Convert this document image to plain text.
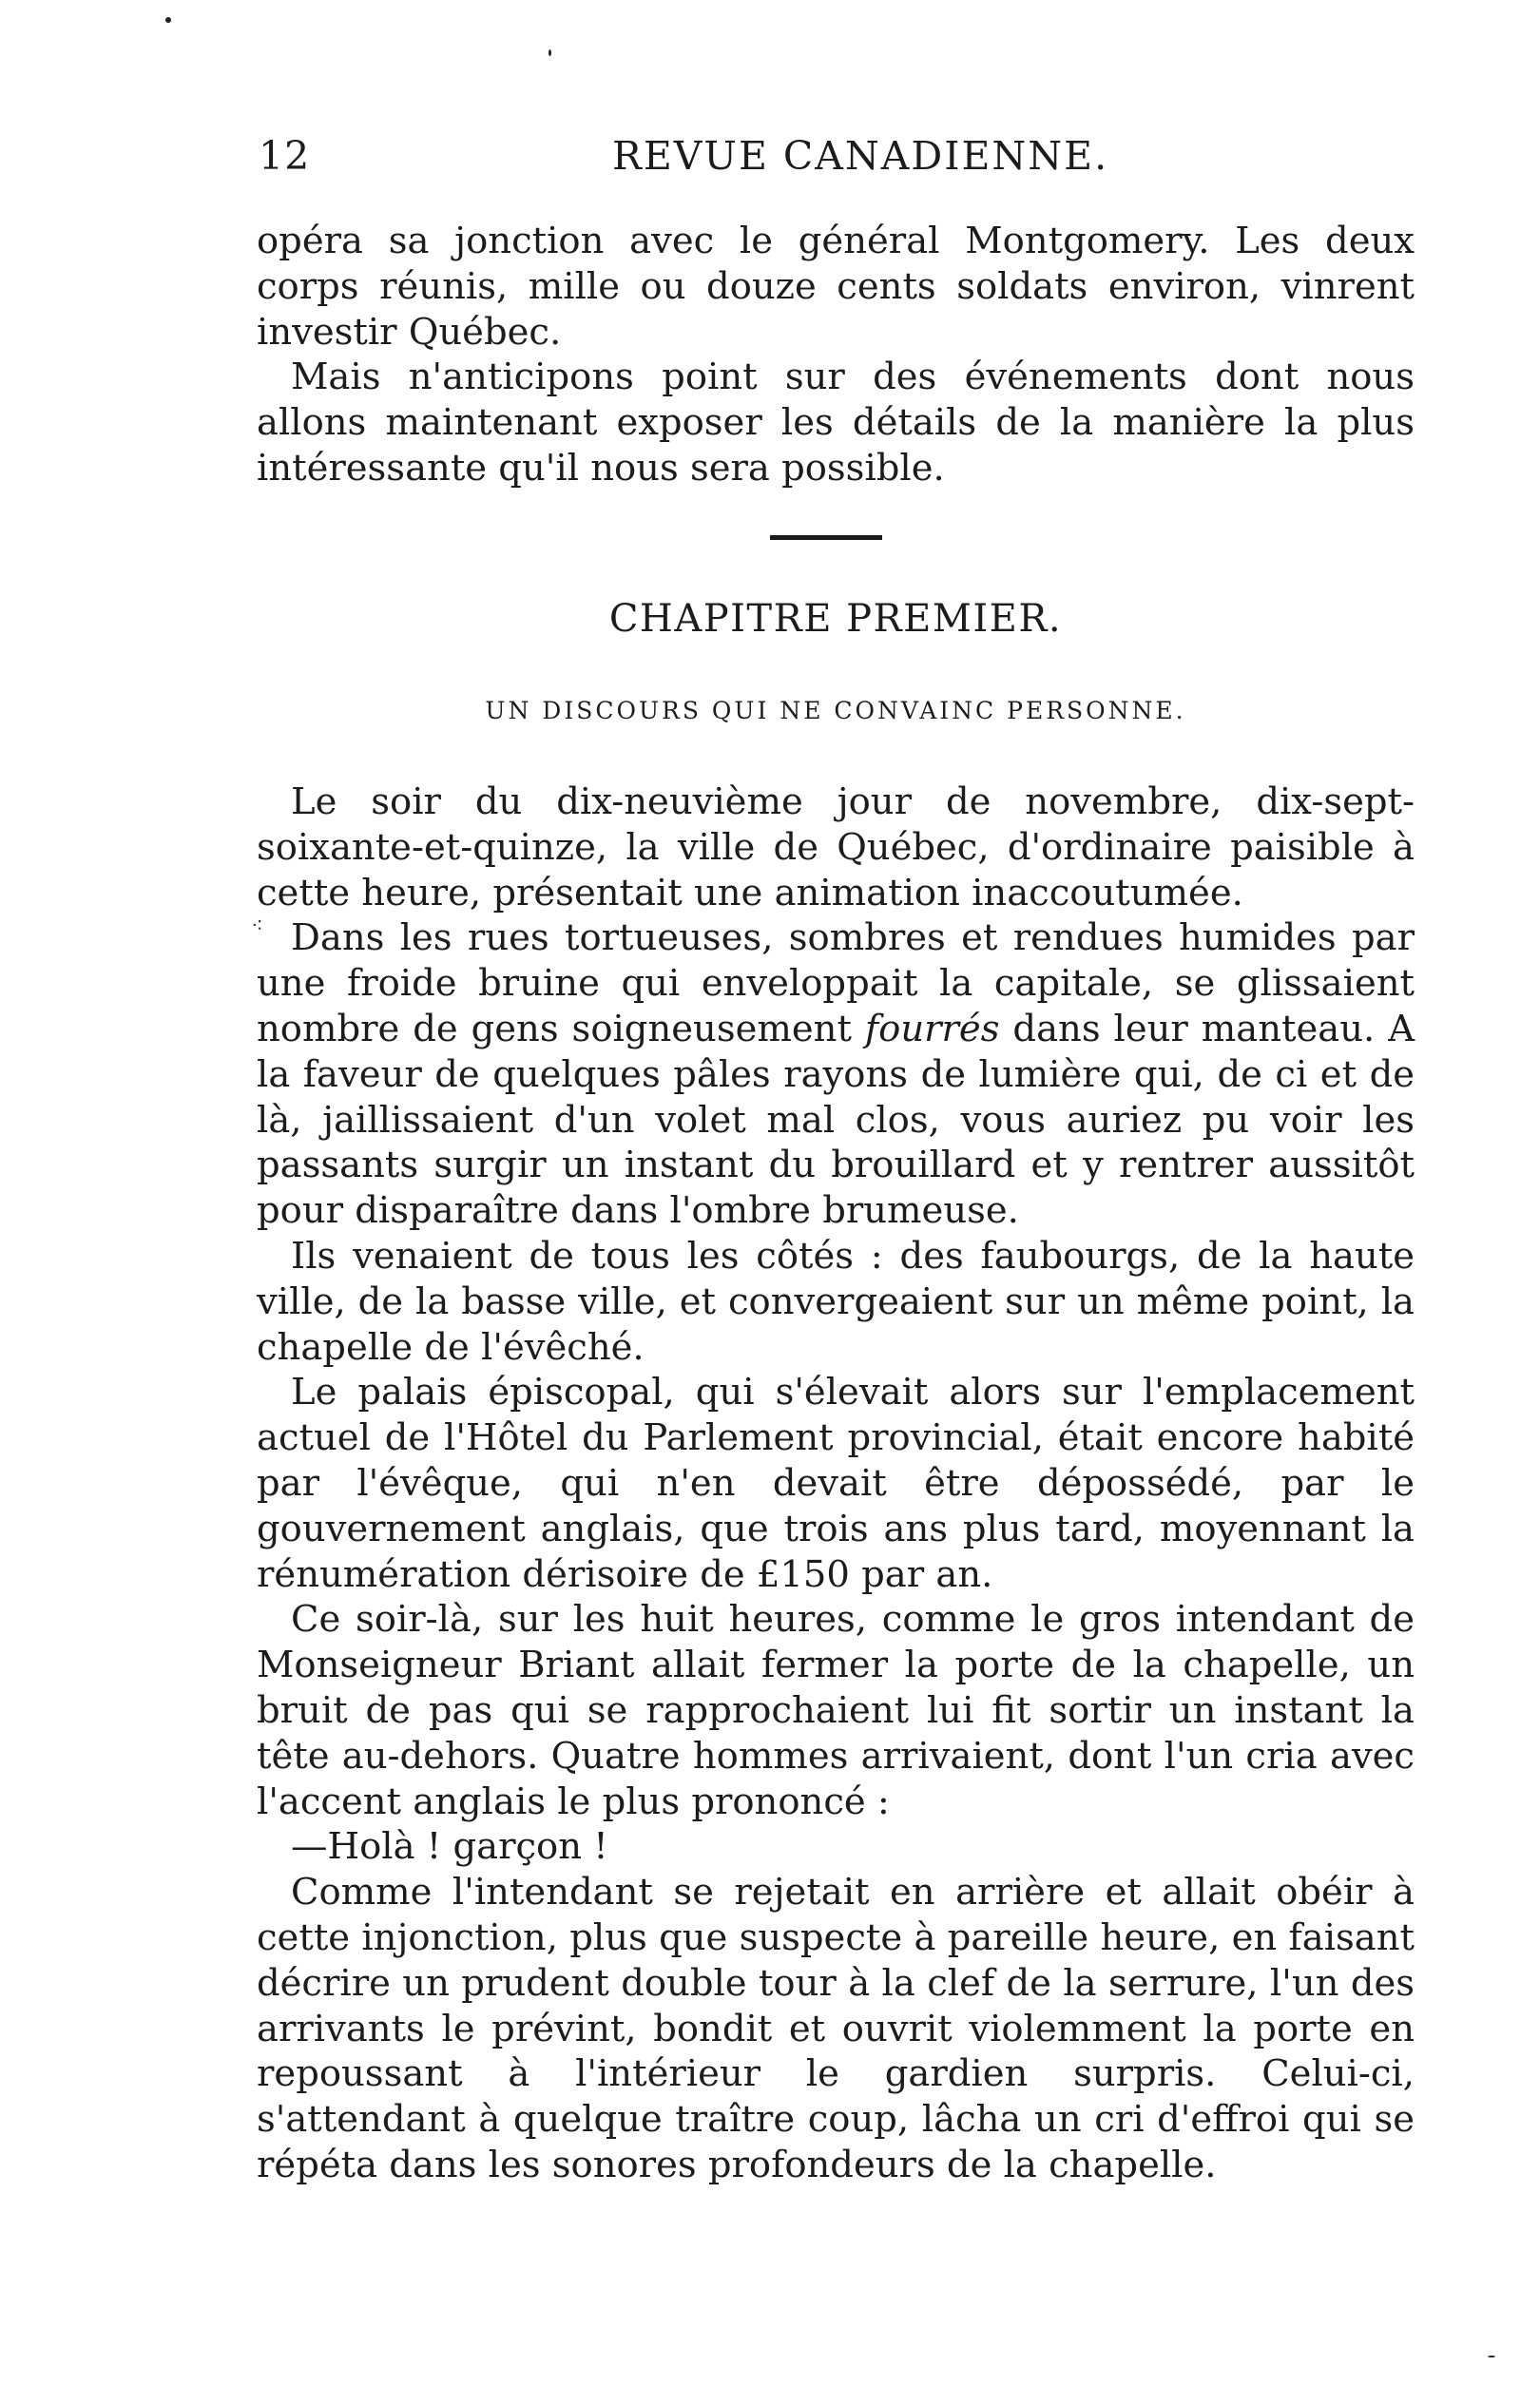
12	REVUE CANADIENNE.

opéra sa jonction avec le général Montgomery. Les deux corps réunis, mille ou douze cents soldats environ, vinrent investir Québec.

Mais n'anticipons point sur des événements dont nous allons maintenant exposer les détails de la manière la plus intéressante qu'il nous sera possible.

CHAPITRE PREMIER.
UN DISCOURS QUI NE CONVAINC PERSONNE.
⁖

Le soir du dix-neuvième jour de novembre, dix-sept-soixante-et-quinze, la ville de Québec, d'ordinaire paisible à cette heure, présentait une animation inaccoutumée.

Dans les rues tortueuses, sombres et rendues humides par une froide bruine qui enveloppait la capitale, se glissaient nombre de gens soigneusement fourrés dans leur manteau. A la faveur de quelques pâles rayons de lumière qui, de ci et de là, jaillissaient d'un volet mal clos, vous auriez pu voir les passants surgir un instant du brouillard et y rentrer aussitôt pour disparaître dans l'ombre brumeuse.

Ils venaient de tous les côtés : des faubourgs, de la haute ville, de la basse ville, et convergeaient sur un même point, la chapelle de l'évêché.

Le palais épiscopal, qui s'élevait alors sur l'emplacement actuel de l'Hôtel du Parlement provincial, était encore habité par l'évêque, qui n'en devait être dépossédé, par le gouvernement anglais, que trois ans plus tard, moyennant la rénumération dérisoire de £150 par an.

Ce soir-là, sur les huit heures, comme le gros intendant de Monseigneur Briant allait fermer la porte de la chapelle, un bruit de pas qui se rapprochaient lui fit sortir un instant la tête au-dehors. Quatre hommes arrivaient, dont l'un cria avec l'accent anglais le plus prononcé :

—Holà ! garçon !

Comme l'intendant se rejetait en arrière et allait obéir à cette injonction, plus que suspecte à pareille heure, en faisant décrire un prudent double tour à la clef de la serrure, l'un des arrivants le prévint, bondit et ouvrit violemment la porte en repoussant à l'intérieur le gardien surpris. Celui-ci, s'attendant à quelque traître coup, lâcha un cri d'effroi qui se répéta dans les sonores profondeurs de la chapelle.
